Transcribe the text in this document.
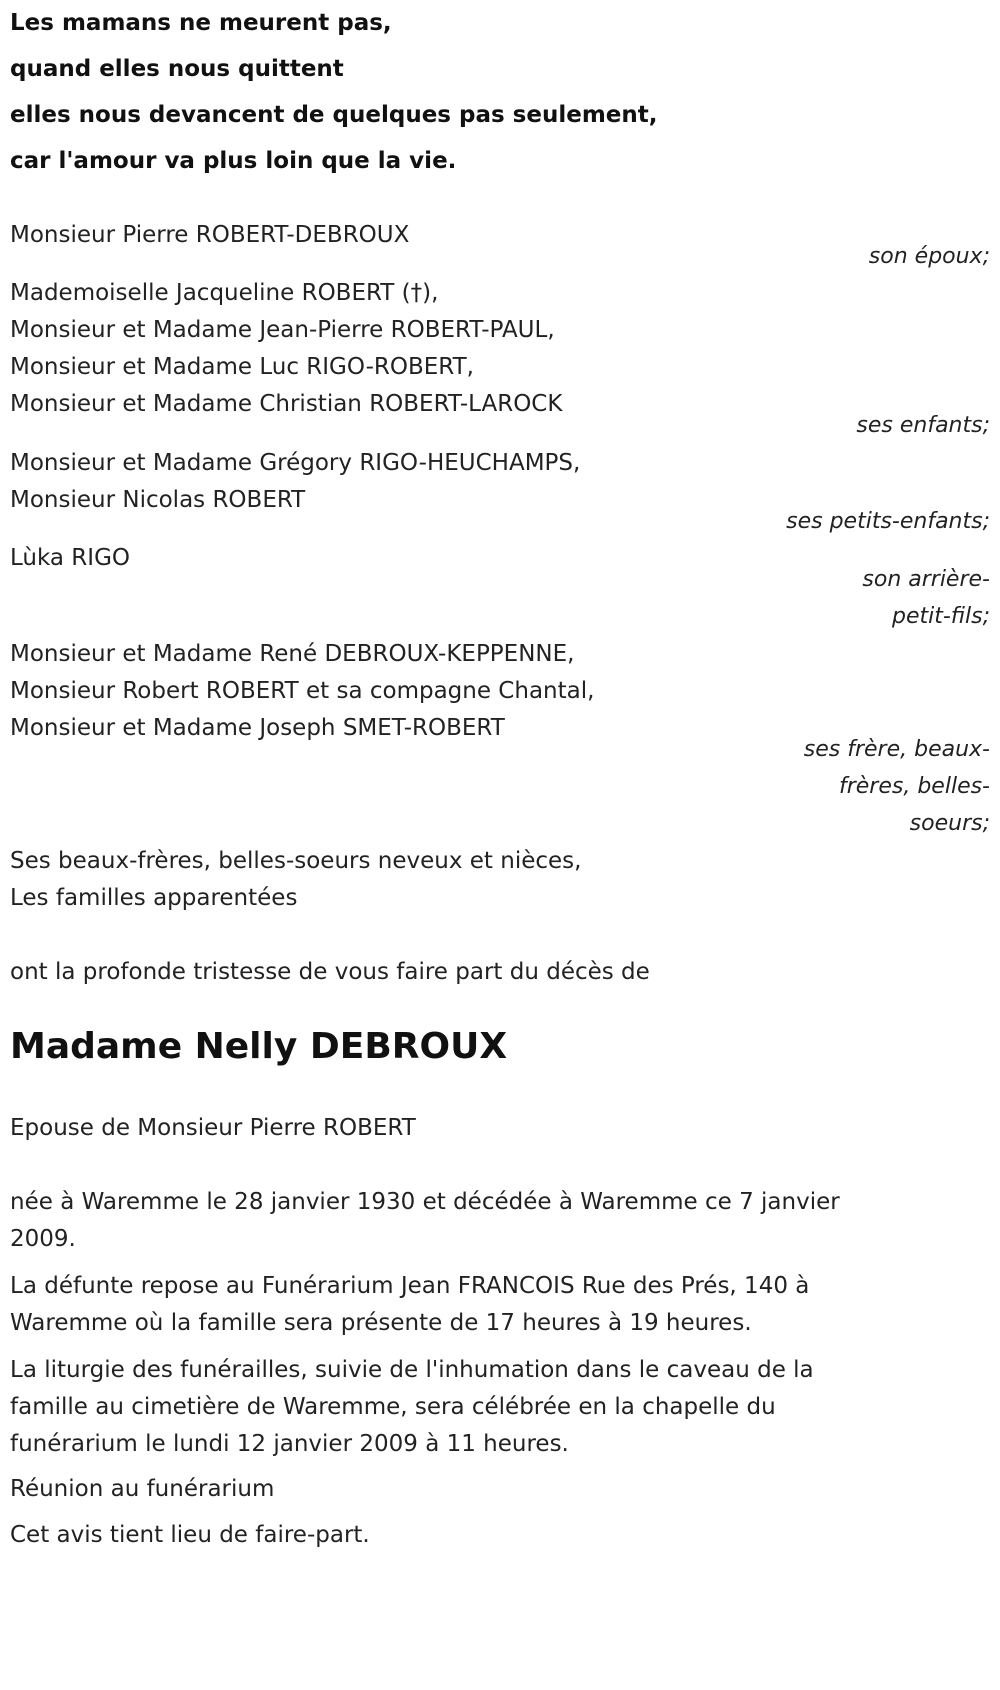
Les mamans ne meurent pas,
quand elles nous quittent
elles nous devancent de quelques pas seulement,
car l'amour va plus loin que la vie.
Monsieur Pierre ROBERT-DEBROUX
son époux;
Mademoiselle Jacqueline ROBERT (†),
Monsieur et Madame Jean-Pierre ROBERT-PAUL,
Monsieur et Madame Luc RIGO-ROBERT,
Monsieur et Madame Christian ROBERT-LAROCK
ses enfants;
Monsieur et Madame Grégory RIGO-HEUCHAMPS,
Monsieur Nicolas ROBERT
ses petits-enfants;
Lùka RIGO
son arrière-
petit-fils;
Monsieur et Madame René DEBROUX-KEPPENNE,
Monsieur Robert ROBERT et sa compagne Chantal,
Monsieur et Madame Joseph SMET-ROBERT
ses frère, beaux-
frères, belles-
soeurs;
Ses beaux-frères, belles-soeurs neveux et nièces,
Les familles apparentées
ont la profonde tristesse de vous faire part du décès de
Madame Nelly DEBROUX
Epouse de Monsieur Pierre ROBERT
née à Waremme le 28 janvier 1930 et décédée à Waremme ce 7 janvier
2009.
La défunte repose au Funérarium Jean FRANCOIS Rue des Prés, 140 à
Waremme où la famille sera présente de 17 heures à 19 heures.
La liturgie des funérailles, suivie de l'inhumation dans le caveau de la
famille au cimetière de Waremme, sera célébrée en la chapelle du
funérarium le lundi 12 janvier 2009 à 11 heures.
Réunion au funérarium
Cet avis tient lieu de faire-part.
